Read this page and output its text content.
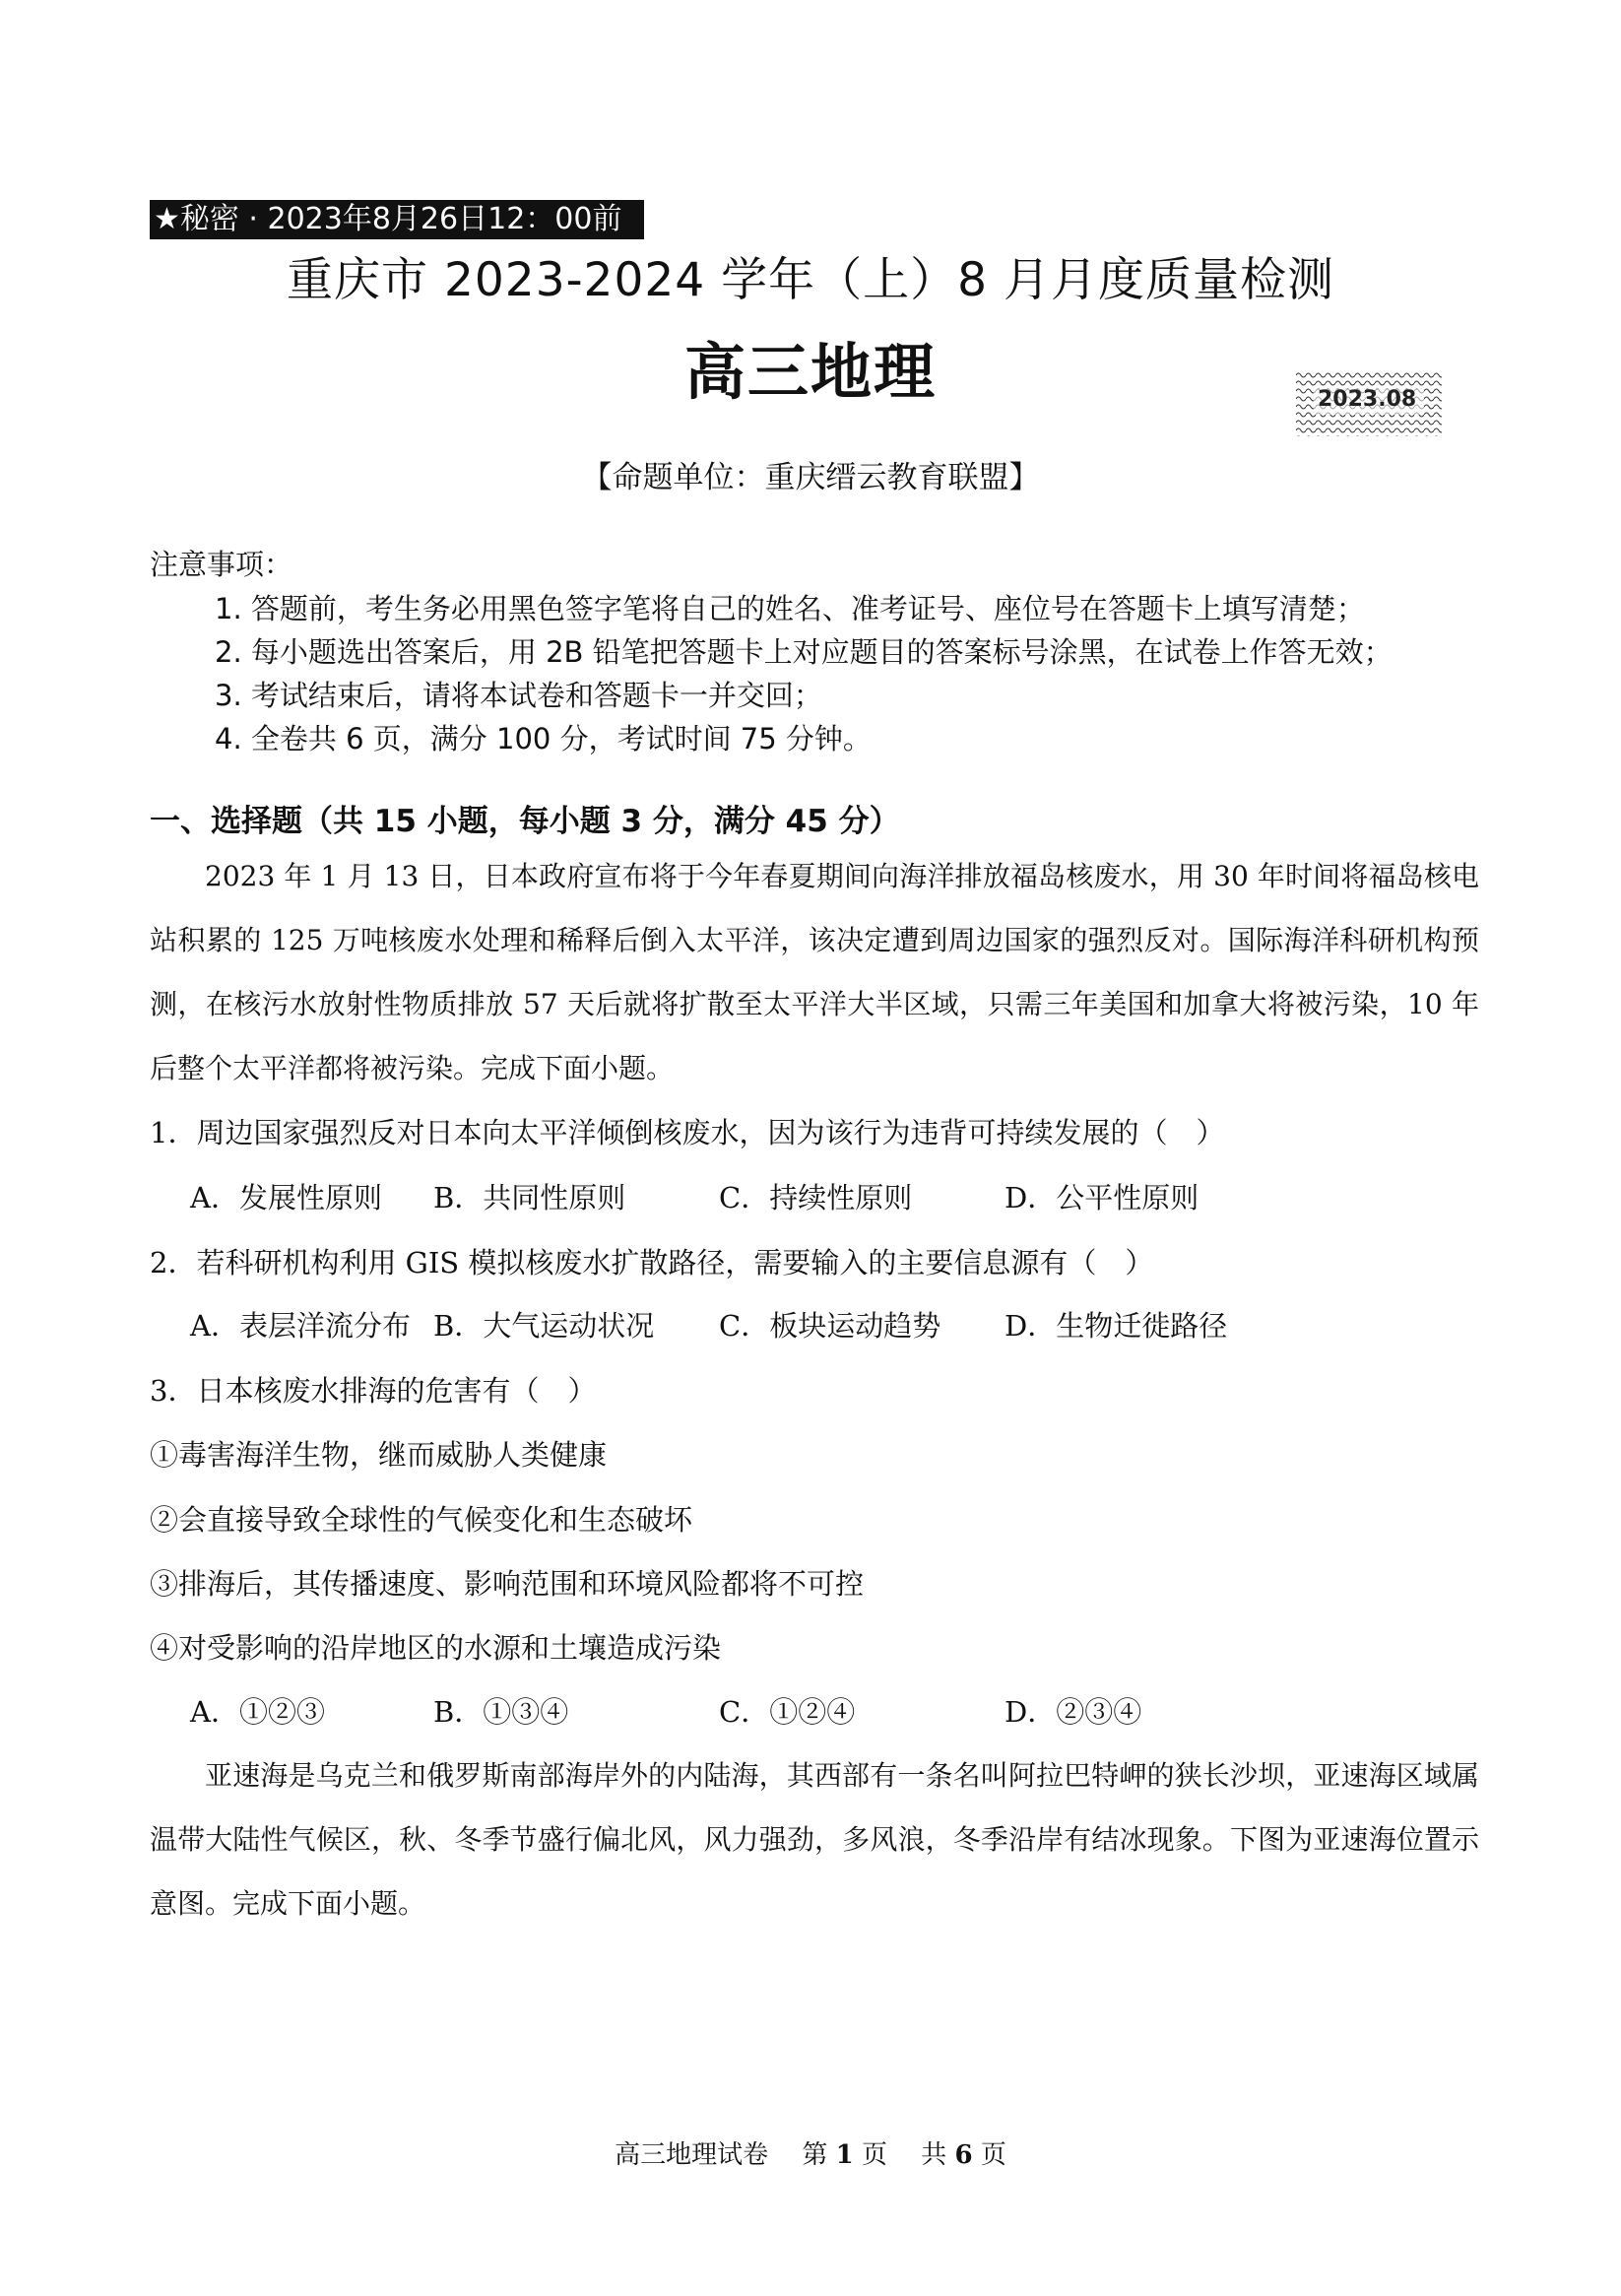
★秘密 · 2023年8月26日12：00前
重庆市 2023-2024 学年（上）8 月月度质量检测
高三地理	2023.08
【命题单位：重庆缙云教育联盟】
注意事项：
1. 答题前，考生务必用黑色签字笔将自己的姓名、准考证号、座位号在答题卡上填写清楚；
2. 每小题选出答案后，用 2B 铅笔把答题卡上对应题目的答案标号涂黑，在试卷上作答无效；
3. 考试结束后，请将本试卷和答题卡一并交回；
4. 全卷共 6 页，满分 100 分，考试时间 75 分钟。
一、选择题（共 15 小题，每小题 3 分，满分 45 分）
2023 年 1 月 13 日，日本政府宣布将于今年春夏期间向海洋排放福岛核废水，用 30 年时间将福岛核电站积累的 125 万吨核废水处理和稀释后倒入太平洋，该决定遭到周边国家的强烈反对。国际海洋科研机构预测，在核污水放射性物质排放 57 天后就将扩散至太平洋大半区域，只需三年美国和加拿大将被污染，10 年后整个太平洋都将被污染。完成下面小题。
1．周边国家强烈反对日本向太平洋倾倒核废水，因为该行为违背可持续发展的（　）
A．发展性原则 B．共同性原则	C．持续性原则	D．公平性原则
2．若科研机构利用 GIS 模拟核废水扩散路径，需要输入的主要信息源有（　）
A．表层洋流分布 B．大气运动状况 C．板块运动趋势 D．生物迁徙路径
3．日本核废水排海的危害有（　）
①毒害海洋生物，继而威胁人类健康
②会直接导致全球性的气候变化和生态破坏
③排海后，其传播速度、影响范围和环境风险都将不可控
④对受影响的沿岸地区的水源和土壤造成污染
A．①②③	B．①③④	C．①②④	D．②③④
亚速海是乌克兰和俄罗斯南部海岸外的内陆海，其西部有一条名叫阿拉巴特岬的狭长沙坝，亚速海区域属温带大陆性气候区，秋、冬季节盛行偏北风，风力强劲，多风浪，冬季沿岸有结冰现象。下图为亚速海位置示意图。完成下面小题。
高三地理试卷　 第 1 页　 共 6 页
